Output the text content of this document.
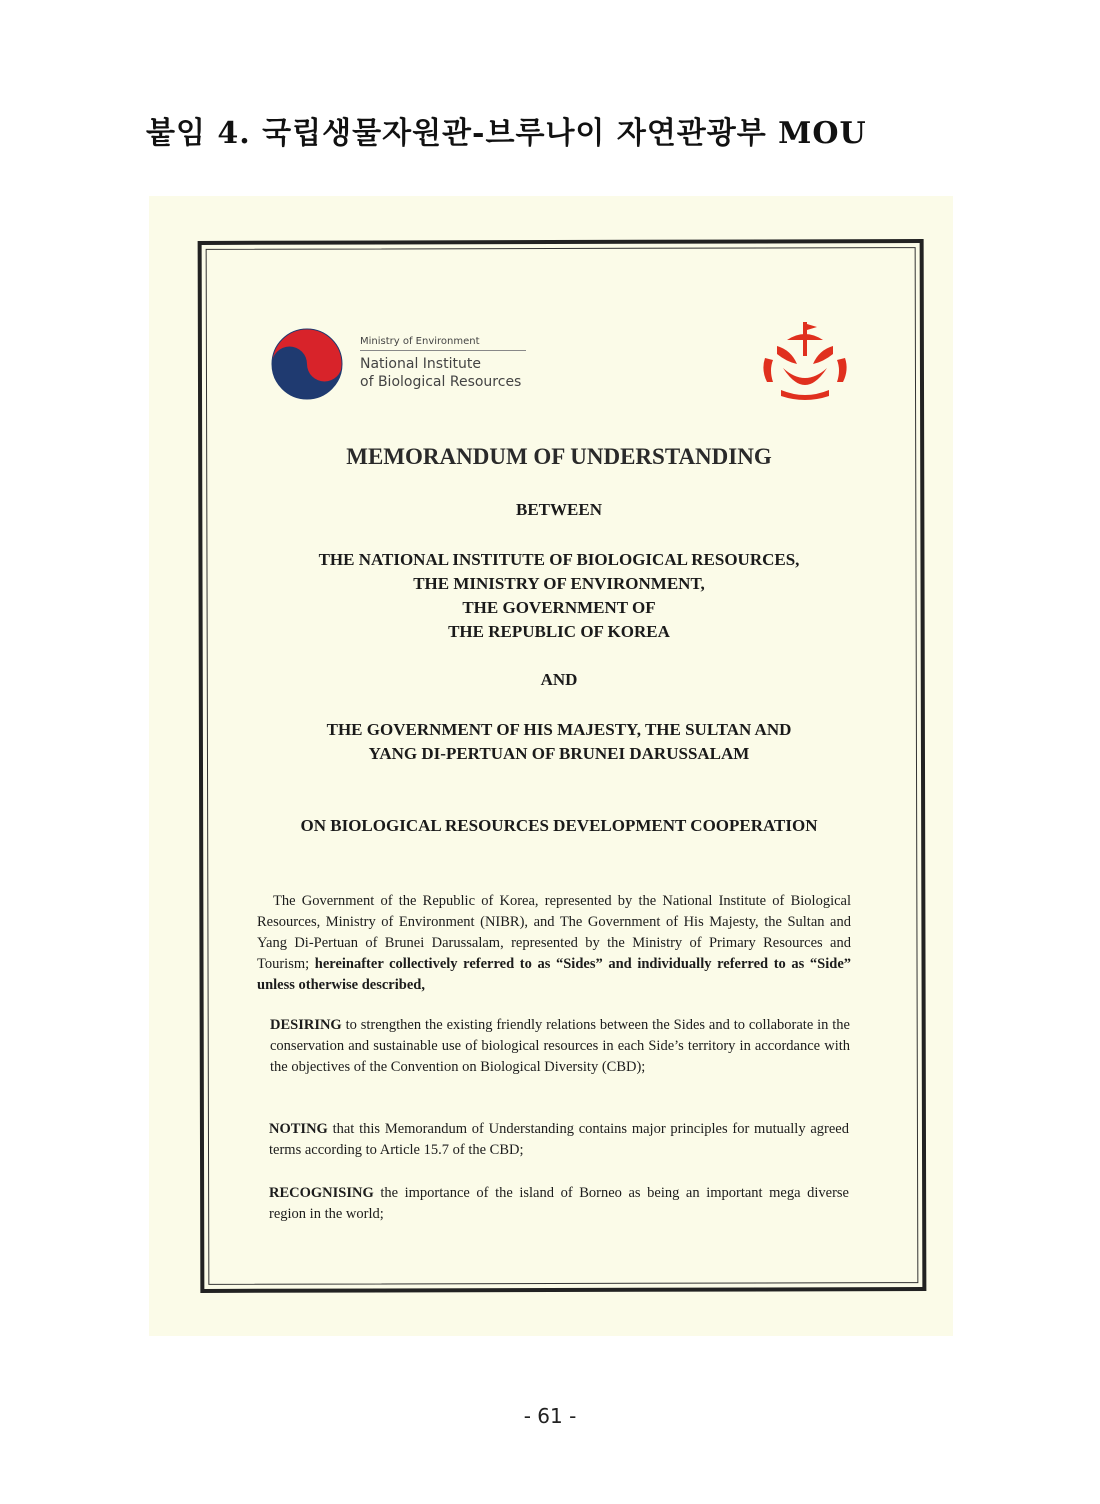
붙임 4. 국립생물자원관-브루나이 자연관광부 MOU
Ministry of Environment
National Institute
of Biological Resources
MEMORANDUM OF UNDERSTANDING
BETWEEN
THE NATIONAL INSTITUTE OF BIOLOGICAL RESOURCES,
THE MINISTRY OF ENVIRONMENT,
THE GOVERNMENT OF
THE REPUBLIC OF KOREA
AND
THE GOVERNMENT OF HIS MAJESTY, THE SULTAN AND
YANG DI-PERTUAN OF BRUNEI DARUSSALAM
ON BIOLOGICAL RESOURCES DEVELOPMENT COOPERATION

The Government of the Republic of Korea, represented by the National Institute of Biological Resources, Ministry of Environment (NIBR), and The Government of His Majesty, the Sultan and Yang Di-Pertuan of Brunei Darussalam, represented by the Ministry of Primary Resources and Tourism; hereinafter collectively referred to as “Sides” and individually referred to as “Side” unless otherwise described,

DESIRING to strengthen the existing friendly relations between the Sides and to collaborate in the conservation and sustainable use of biological resources in each Side’s territory in accordance with the objectives of the Convention on Biological Diversity (CBD);

NOTING that this Memorandum of Understanding contains major principles for mutually agreed terms according to Article 15.7 of the CBD;

RECOGNISING the importance of the island of Borneo as being an important mega diverse region in the world;

- 61 -
